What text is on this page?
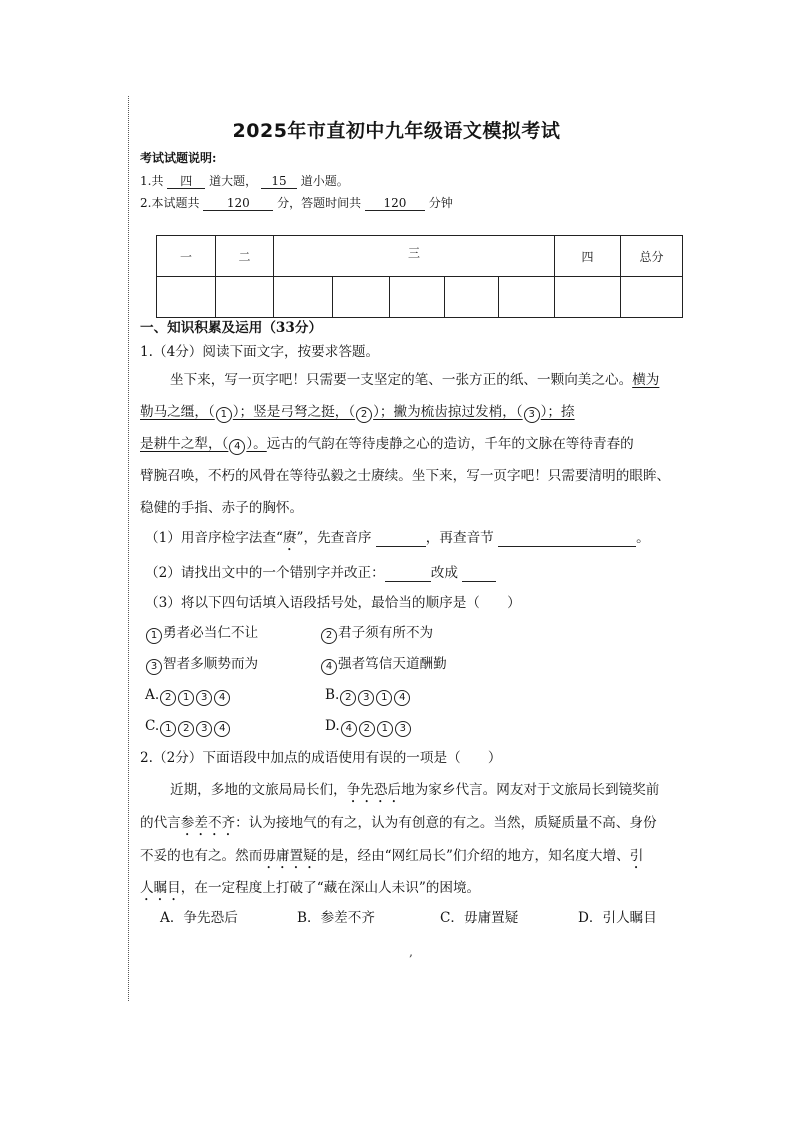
2025年市直初中九年级语文模拟考试
考试试题说明:
1.共 四 道大题， 15 道小题。
2.本试题共 120 分，答题时间共 120 分钟
一	二	三					四	总分

一、知识积累及运用（33分）
1.（4分）阅读下面文字，按要求答题。
坐下来，写一页字吧！只需要一支坚定的笔、一张方正的纸、一颗向美之心。横为
勒马之缰，（ 1 ）；竖是弓弩之挺，（ 2 ）；撇为梳齿掠过发梢，（ 3 ）；捺
是耕牛之犁，（ 4 ）。远古的气韵在等待虔静之心的造访，千年的文脉在等待青春的
臂腕召唤，不朽的风骨在等待弘毅之士赓续。坐下来，写一页字吧！只需要清明的眼眸、
稳健的手指、赤子的胸怀。
（1）用音序检字法查“赓”，先查音序	，再查音节	。
（2）请找出文中的一个错别字并改正：	改成
（3）将以下四句话填入语段括号处，最恰当的顺序是（　　）
1 勇者必当仁不让	2 君子须有所不为
3 智者多顺势而为	4 强者笃信天道酬勤
A. 2 1 3 4	B. 2 3 1 4
C. 1 2 3 4	D. 4 2 1 3
2.（2分）下面语段中加点的成语使用有误的一项是（　　）
近期，多地的文旅局局长们，争先恐后地为家乡代言。网友对于文旅局长到镜奖前
的代言参差不齐：认为接地气的有之，认为有创意的有之。当然，质疑质量不高、身份
不妥的也有之。然而毋庸置疑的是，经由“网红局长”们介绍的地方，知名度大增、引
人瞩目，在一定程度上打破了“藏在深山人未识”的困境。
A．争先恐后	B．参差不齐	C．毋庸置疑	D．引人瞩目
‚
